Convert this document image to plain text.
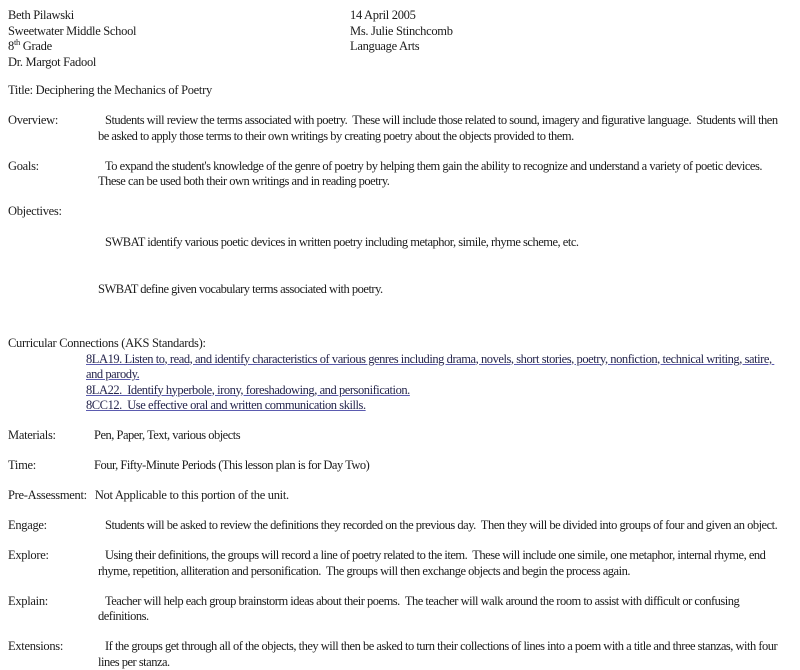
Beth Pilawski
Sweetwater Middle School
8th Grade
Dr. Margot Fadool
14 April 2005
Ms. Julie Stinchcomb
Language Arts
Title: Deciphering the Mechanics of Poetry
Overview:	Students will review the terms associated with poetry.  These will include those related to sound, imagery and figurative language.  Students will then be asked to apply those terms to their own writings by creating poetry about the objects provided to them.
Goals:	To expand the student's knowledge of the genre of poetry by helping them gain the ability to recognize and understand a variety of poetic devices. These can be used both their own writings and in reading poetry.
Objectives:

SWBAT identify various poetic devices in written poetry including metaphor, simile, rhyme scheme, etc.

SWBAT define given vocabulary terms associated with poetry.

Curricular Connections (AKS Standards):
8LA19. Listen to, read, and identify characteristics of various genres including drama, novels, short stories, poetry, nonfiction, technical writing, satire, and parody.
8LA22.  Identify hyperbole, irony, foreshadowing, and personification.
8CC12.  Use effective oral and written communication skills.
Materials:	Pen, Paper, Text, various objects
Time:	Four, Fifty-Minute Periods (This lesson plan is for Day Two)
Pre-Assessment: Not Applicable to this portion of the unit.
Engage:	Students will be asked to review the definitions they recorded on the previous day.  Then they will be divided into groups of four and given an object.
Explore:	Using their definitions, the groups will record a line of poetry related to the item.  These will include one simile, one metaphor, internal rhyme, end rhyme, repetition, alliteration and personification.  The groups will then exchange objects and begin the process again.
Explain:	Teacher will help each group brainstorm ideas about their poems.  The teacher will walk around the room to assist with difficult or confusing definitions.
Extensions:	If the groups get through all of the objects, they will then be asked to turn their collections of lines into a poem with a title and three stanzas, with four lines per stanza.
